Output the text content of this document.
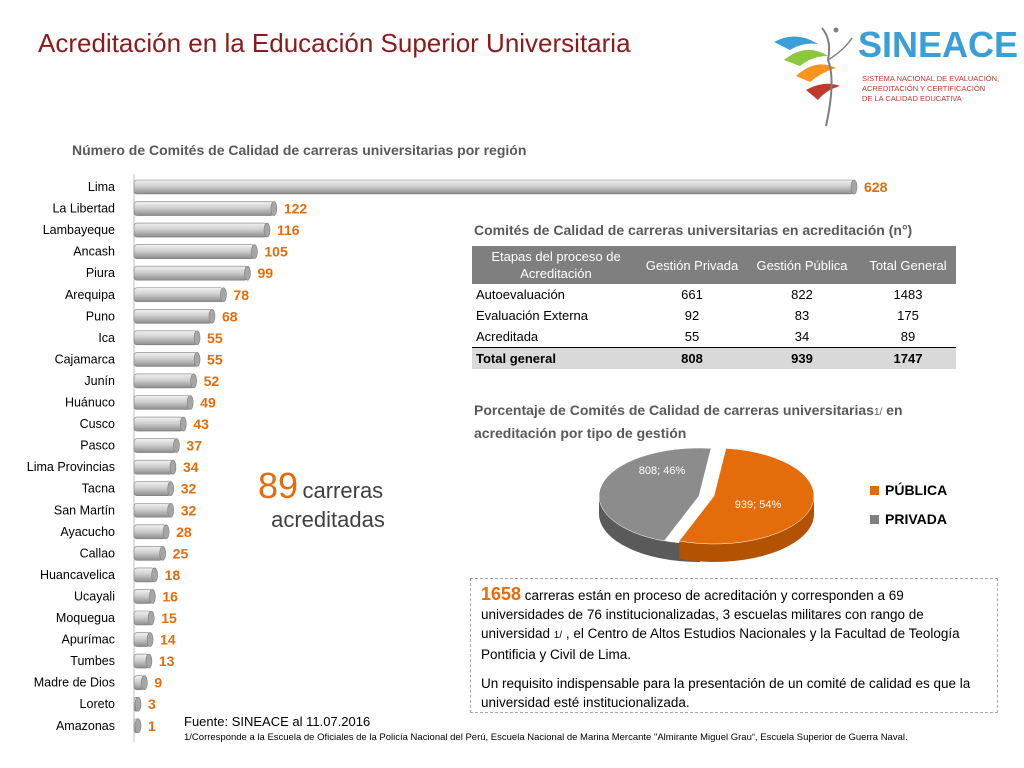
Acreditación en la Educación Superior Universitaria	SINEACE
SISTEMA NACIONAL DE EVALUACIÓN,
ACREDITACIÓN Y CERTIFICACIÓN
DE LA CALIDAD EDUCATIVA
Número de Comités de Calidad de carreras universitarias por región
Lima	628
La Libertad	122
Lambayeque	116
Ancash	105
Piura	99
Arequipa	78
Puno	68
Ica	55
Cajamarca	55
Junín	52
Huánuco	49
Cusco	43
Pasco	37
Lima Provincias	34
Tacna	32
San Martín	32
Ayacucho	28
Callao	25
Huancavelica	18
Ucayali	16
Moquegua	15
Apurímac	14
Tumbes	13
Madre de Dios	9
Loreto 3
Amazonas 1
89 carreras
acreditadas
Comités de Calidad de carreras universitarias en acreditación (n°)
Etapas del proceso de Acreditación	Gestión Privada	Gestión Pública	Total General
Autoevaluación	661	822	1483
Evaluación Externa	92	83	175
Acreditada	55	34	89
Total general	808	939	1747
Porcentaje de Comités de Calidad de carreras universitarias1/ en
acreditación por tipo de gestión
939; 54%
808; 46%
PÚBLICA
PRIVADA
1658 carreras están en proceso de acreditación y corresponden a 69 universidades de 76 institucionalizadas, 3 escuelas militares con rango de universidad 1/ , el Centro de Altos Estudios Nacionales y la Facultad de Teología Pontificia y Civil de Lima.
Un requisito indispensable para la presentación de un comité de calidad es que la universidad esté institucionalizada.
Fuente: SINEACE al 11.07.2016
1/Corresponde a la Escuela de Oficiales de la Policía Nacional del Perú, Escuela Nacional de Marina Mercante "Almirante Miguel Grau“, Escuela Superior de Guerra Naval.
